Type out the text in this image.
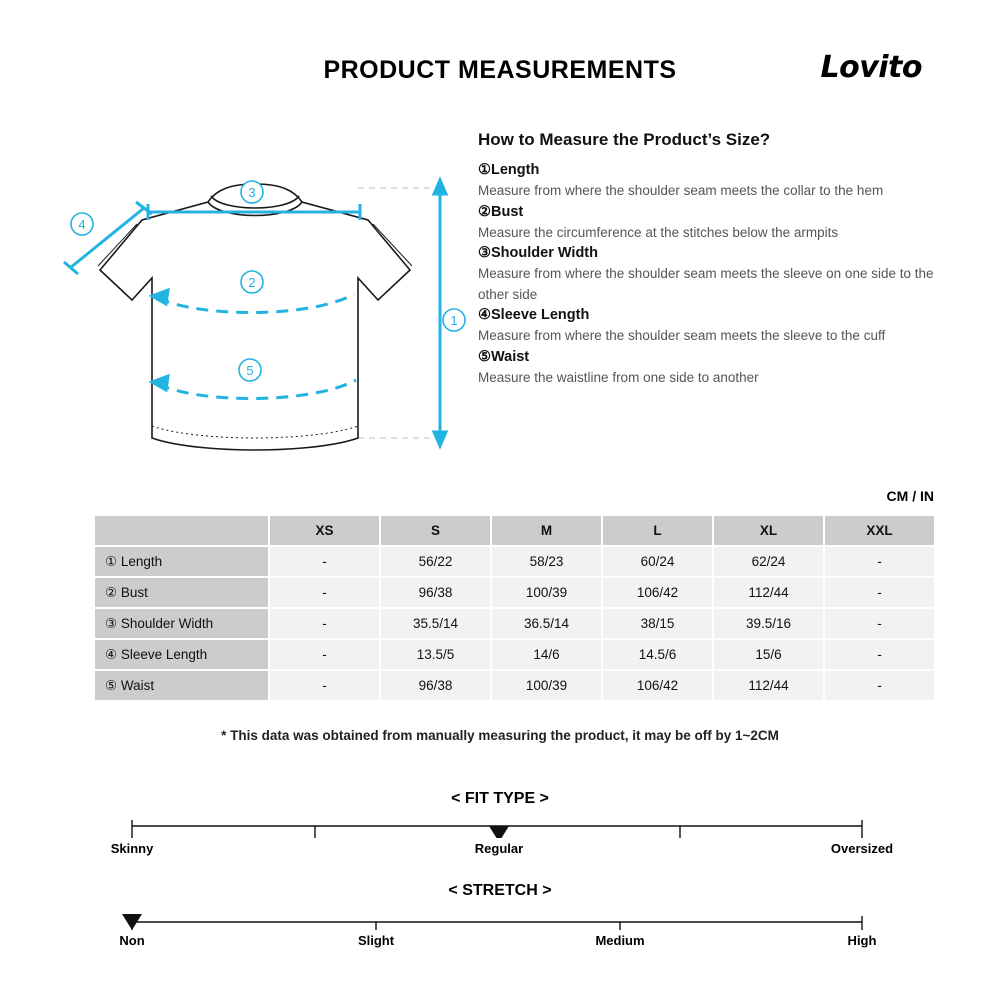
PRODUCT MEASUREMENTS	Lovito
3
4
2
5
1
How to Measure the Product’s Size?
①Length
Measure from where the shoulder seam meets the collar to the hem
②Bust
Measure the circumference at the stitches below the armpits
③Shoulder Width
Measure from where the shoulder seam meets the sleeve on one side to the other side
④Sleeve Length
Measure from where the shoulder seam meets the sleeve to the cuff
⑤Waist
Measure the waistline from one side to another
CM / IN
	XS	S	M	L	XL	XXL
① Length	-	56/22	58/23	60/24	62/24	-
② Bust	-	96/38	100/39	106/42	112/44	-
③ Shoulder Width	-	35.5/14	36.5/14	38/15	39.5/16	-
④ Sleeve Length	-	13.5/5	14/6	14.5/6	15/6	-
⑤ Waist	-	96/38	100/39	106/42	112/44	-
* This data was obtained from manually measuring the product, it may be off by 1~2CM
< FIT TYPE >
Skinny	Regular	Oversized
< STRETCH >
Non	Slight	Medium	High
